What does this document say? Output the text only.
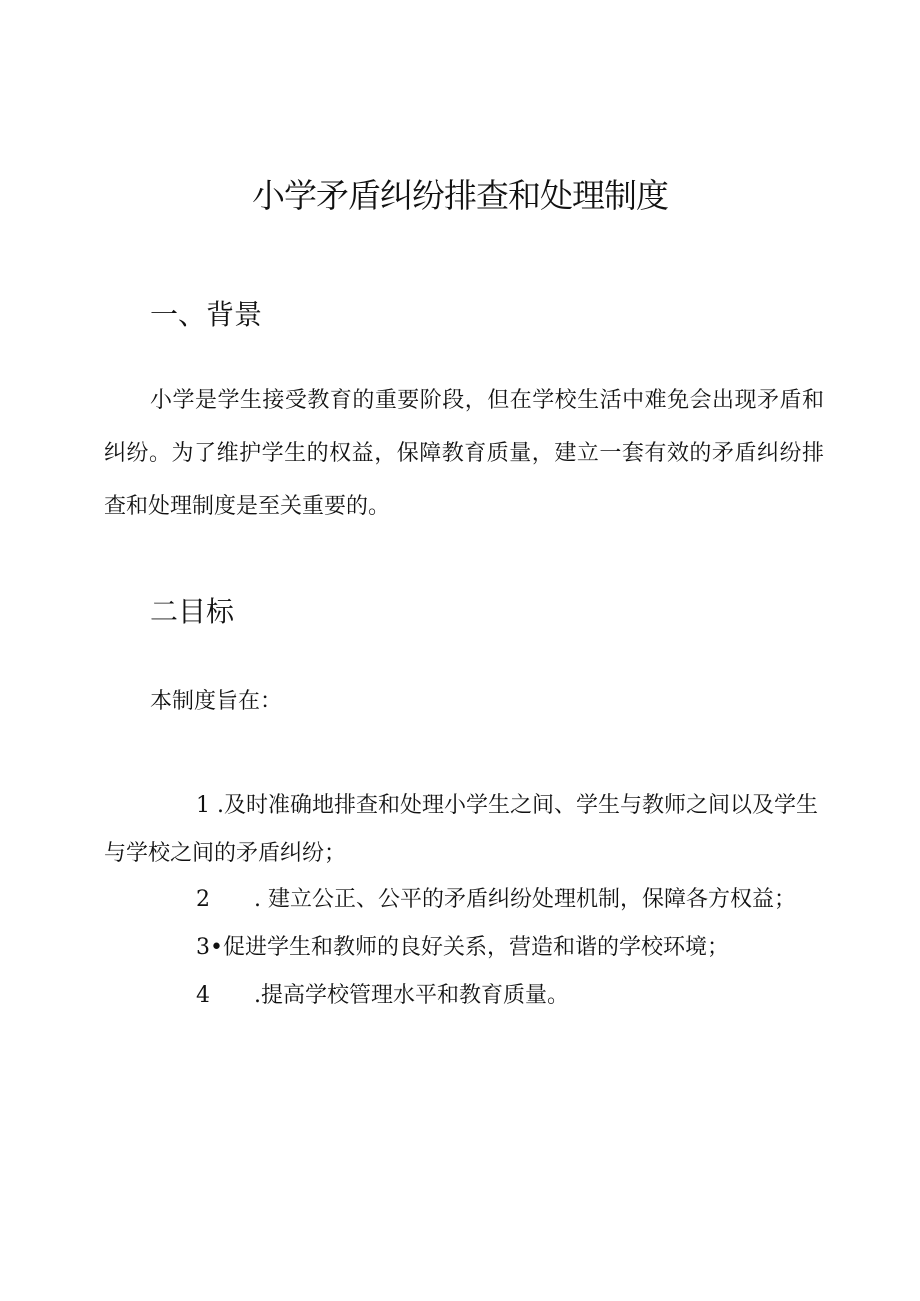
小学矛盾纠纷排查和处理制度
一、背景

小学是学生接受教育的重要阶段，但在学校生活中难免会出现矛盾和纠纷。为了维护学生的权益，保障教育质量，建立一套有效的矛盾纠纷排查和处理制度是至关重要的。

二目标

本制度旨在：

1 .及时准确地排查和处理小学生之间、学生与教师之间以及学生与学校之间的矛盾纠纷；

2 . 建立公正、公平的矛盾纠纷处理机制，保障各方权益；

3•促进学生和教师的良好关系，营造和谐的学校环境；

4 .提高学校管理水平和教育质量。
